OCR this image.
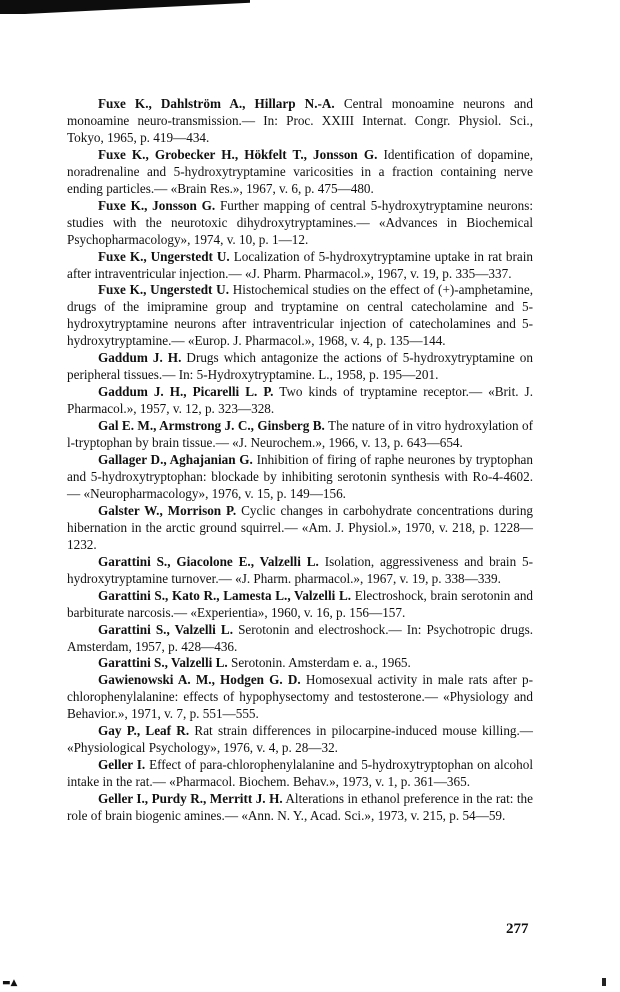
Fuxe K., Dahlström A., Hillarp N.-A. Central monoamine neurons and monoamine neuro-transmission.— In: Proc. XXIII Internat. Congr. Physiol. Sci., Tokyo, 1965, p. 419—434.

Fuxe K., Grobecker H., Hökfelt T., Jonsson G. Identification of dopamine, noradrenaline and 5-hydroxytryptamine varicosities in a fraction containing nerve ending particles.— «Brain Res.», 1967, v. 6, p. 475—480.

Fuxe K., Jonsson G. Further mapping of central 5-hydroxytryptamine neurons: studies with the neurotoxic dihydroxytryptamines.— «Advances in Biochemical Psychopharmacology», 1974, v. 10, p. 1—12.

Fuxe K., Ungerstedt U. Localization of 5-hydroxytryptamine uptake in rat brain after intraventricular injection.— «J. Pharm. Pharmacol.», 1967, v. 19, p. 335—337.

Fuxe K., Ungerstedt U. Histochemical studies on the effect of (+)-amphetamine, drugs of the imipramine group and tryptamine on central catecholamine and 5-hydroxytryptamine neurons after intraventricular injection of catecholamines and 5-hydroxytryptamine.— «Europ. J. Pharmacol.», 1968, v. 4, p. 135—144.

Gaddum J. H. Drugs which antagonize the actions of 5-hydroxytryptamine on peripheral tissues.— In: 5-Hydroxytryptamine. L., 1958, p. 195—201.

Gaddum J. H., Picarelli L. P. Two kinds of tryptamine receptor.— «Brit. J. Pharmacol.», 1957, v. 12, p. 323—328.

Gal E. M., Armstrong J. C., Ginsberg B. The nature of in vitro hydroxylation of l-tryptophan by brain tissue.— «J. Neurochem.», 1966, v. 13, p. 643—654.

Gallager D., Aghajanian G. Inhibition of firing of raphe neurones by tryptophan and 5-hydroxytryptophan: blockade by inhibiting serotonin synthesis with Ro-4-4602.— «Neuropharmacology», 1976, v. 15, p. 149—156.

Galster W., Morrison P. Cyclic changes in carbohydrate concentrations during hibernation in the arctic ground squirrel.— «Am. J. Physiol.», 1970, v. 218, p. 1228—1232.

Garattini S., Giacolone E., Valzelli L. Isolation, aggressiveness and brain 5-hydroxytryptamine turnover.— «J. Pharm. pharmacol.», 1967, v. 19, p. 338—339.

Garattini S., Kato R., Lamesta L., Valzelli L. Electroshock, brain serotonin and barbiturate narcosis.— «Experientia», 1960, v. 16, p. 156—157.

Garattini S., Valzelli L. Serotonin and electroshock.— In: Psychotropic drugs. Amsterdam, 1957, p. 428—436.

Garattini S., Valzelli L. Serotonin. Amsterdam e. a., 1965.

Gawienowski A. M., Hodgen G. D. Homosexual activity in male rats after p-chlorophenylalanine: effects of hypophysectomy and testosterone.— «Physiology and Behavior.», 1971, v. 7, p. 551—555.

Gay P., Leaf R. Rat strain differences in pilocarpine-induced mouse killing.— «Physiological Psychology», 1976, v. 4, p. 28—32.

Geller I. Effect of para-chlorophenylalanine and 5-hydroxytryptophan on alcohol intake in the rat.— «Pharmacol. Biochem. Behav.», 1973, v. 1, p. 361—365.

Geller I., Purdy R., Merritt J. H. Alterations in ethanol preference in the rat: the role of brain biogenic amines.— «Ann. N. Y., Acad. Sci.», 1973, v. 215, p. 54—59.

277
▬▲
